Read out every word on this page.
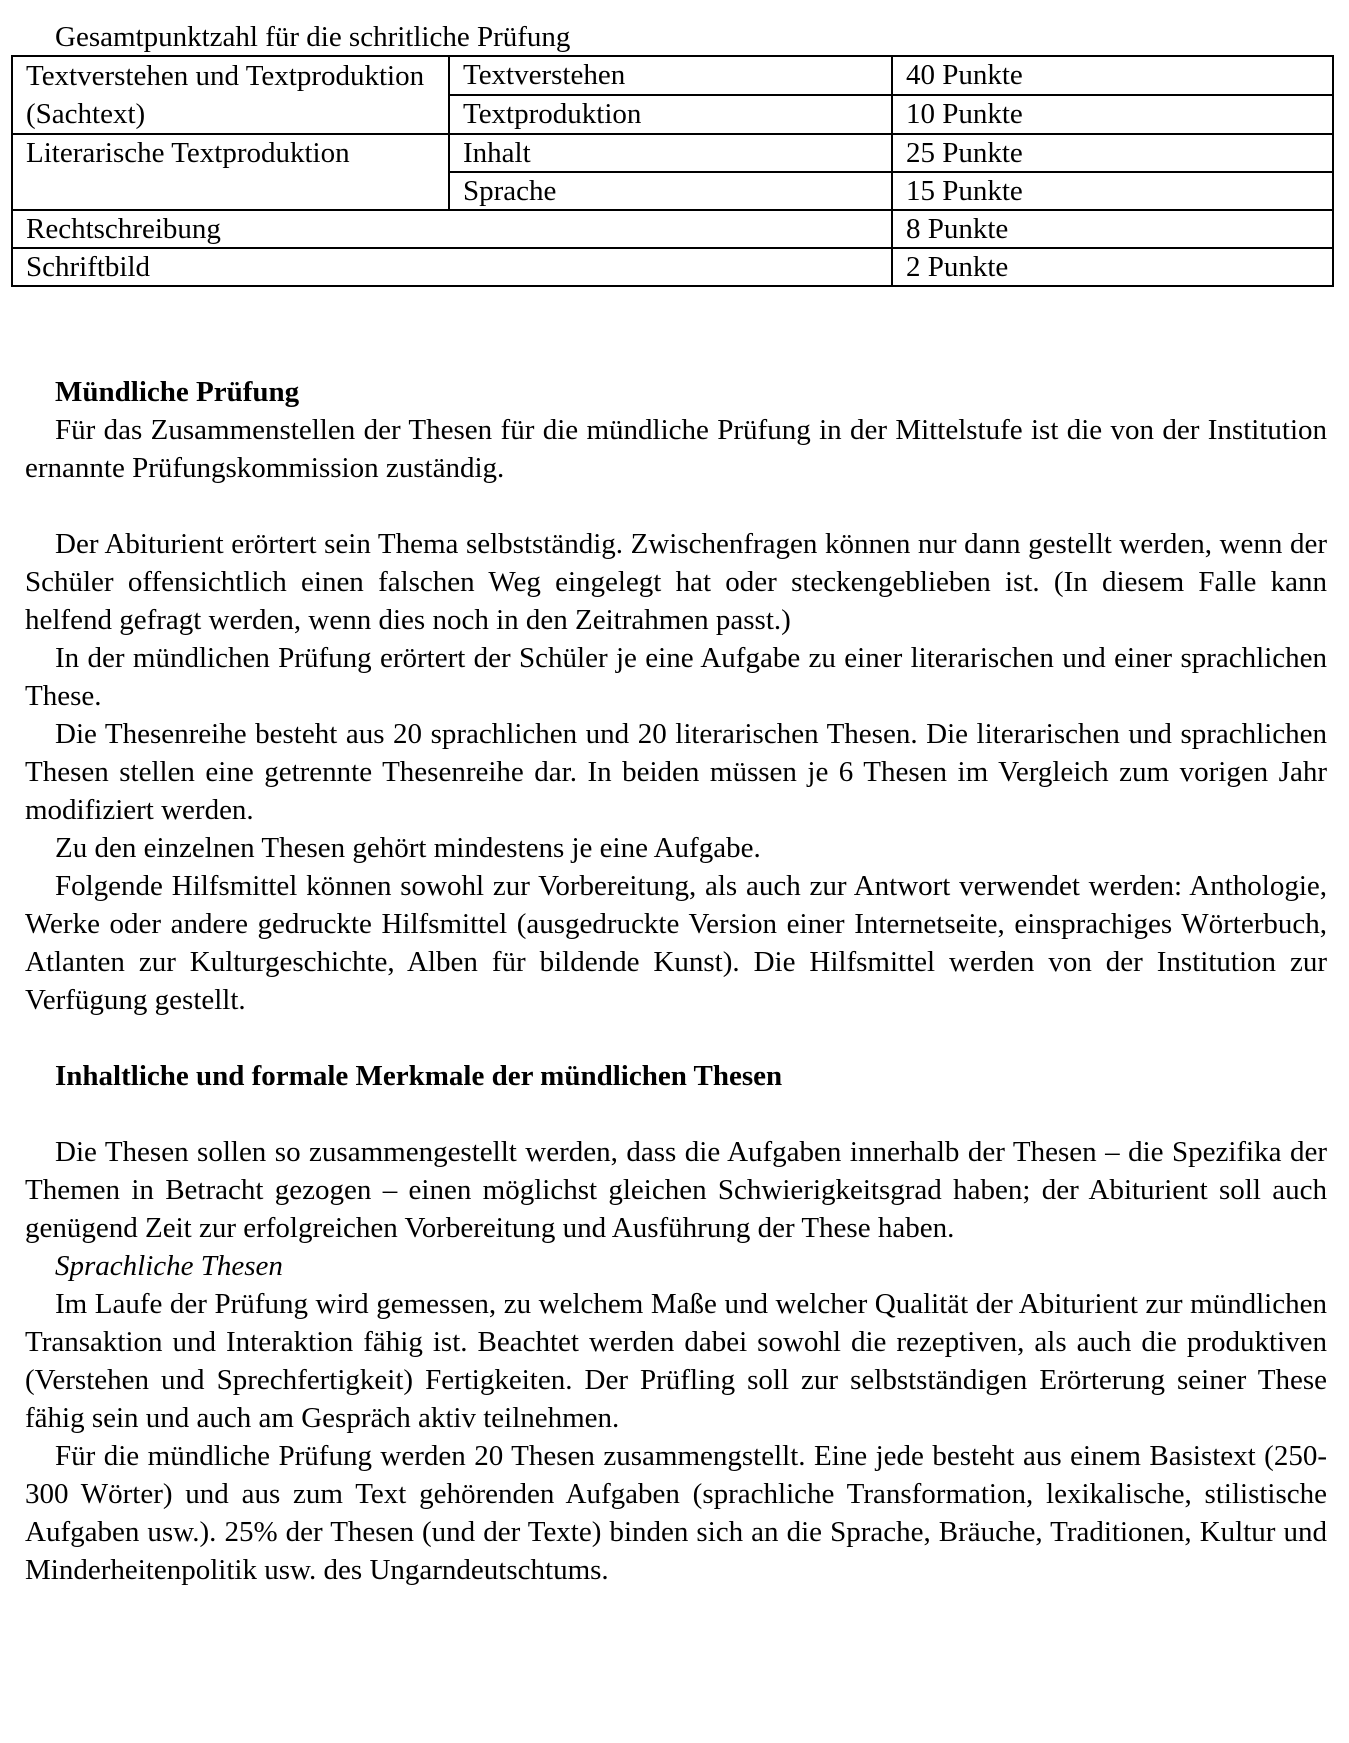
Gesamtpunktzahl für die schritliche Prüfung
Textverstehen und Textproduktion (Sachtext)	Textverstehen	40 Punkte
	Textproduktion	10 Punkte
Literarische Textproduktion	Inhalt	25 Punkte
	Sprache	15 Punkte
Rechtschreibung		8 Punkte
Schriftbild		2 Punkte
Mündliche Prüfung

Für das Zusammenstellen der Thesen für die mündliche Prüfung in der Mittelstufe ist die von der Institution ernannte Prüfungskommission zuständig.

Der Abiturient erörtert sein Thema selbstständig. Zwischenfragen können nur dann gestellt werden, wenn der Schüler offensichtlich einen falschen Weg eingelegt hat oder steckengeblieben ist. (In diesem Falle kann helfend gefragt werden, wenn dies noch in den Zeitrahmen passt.)

In der mündlichen Prüfung erörtert der Schüler je eine Aufgabe zu einer literarischen und einer sprachlichen These.

Die Thesenreihe besteht aus 20 sprachlichen und 20 literarischen Thesen. Die literarischen und sprachlichen Thesen stellen eine getrennte Thesenreihe dar. In beiden müssen je 6 Thesen im Vergleich zum vorigen Jahr modifiziert werden.

Zu den einzelnen Thesen gehört mindestens je eine Aufgabe.

Folgende Hilfsmittel können sowohl zur Vorbereitung, als auch zur Antwort verwendet werden: Anthologie, Werke oder andere gedruckte Hilfsmittel (ausgedruckte Version einer Internetseite, einsprachiges Wörterbuch, Atlanten zur Kulturgeschichte, Alben für bildende Kunst). Die Hilfsmittel werden von der Institution zur Verfügung gestellt.

Inhaltliche und formale Merkmale der mündlichen Thesen

Die Thesen sollen so zusammengestellt werden, dass die Aufgaben innerhalb der Thesen – die Spezifika der Themen in Betracht gezogen – einen möglichst gleichen Schwierigkeitsgrad haben; der Abiturient soll auch genügend Zeit zur erfolgreichen Vorbereitung und Ausführung der These haben.

Sprachliche Thesen

Im Laufe der Prüfung wird gemessen, zu welchem Maße und welcher Qualität der Abiturient zur mündlichen Transaktion und Interaktion fähig ist. Beachtet werden dabei sowohl die rezeptiven, als auch die produktiven (Verstehen und Sprechfertigkeit) Fertigkeiten. Der Prüfling soll zur selbstständigen Erörterung seiner These fähig sein und auch am Gespräch aktiv teilnehmen.

Für die mündliche Prüfung werden 20 Thesen zusammengstellt. Eine jede besteht aus einem Basistext (250-300 Wörter) und aus zum Text gehörenden Aufgaben (sprachliche Transformation, lexikalische, stilistische Aufgaben usw.). 25% der Thesen (und der Texte) binden sich an die Sprache, Bräuche, Traditionen, Kultur und Minderheitenpolitik usw. des Ungarndeutschtums.
